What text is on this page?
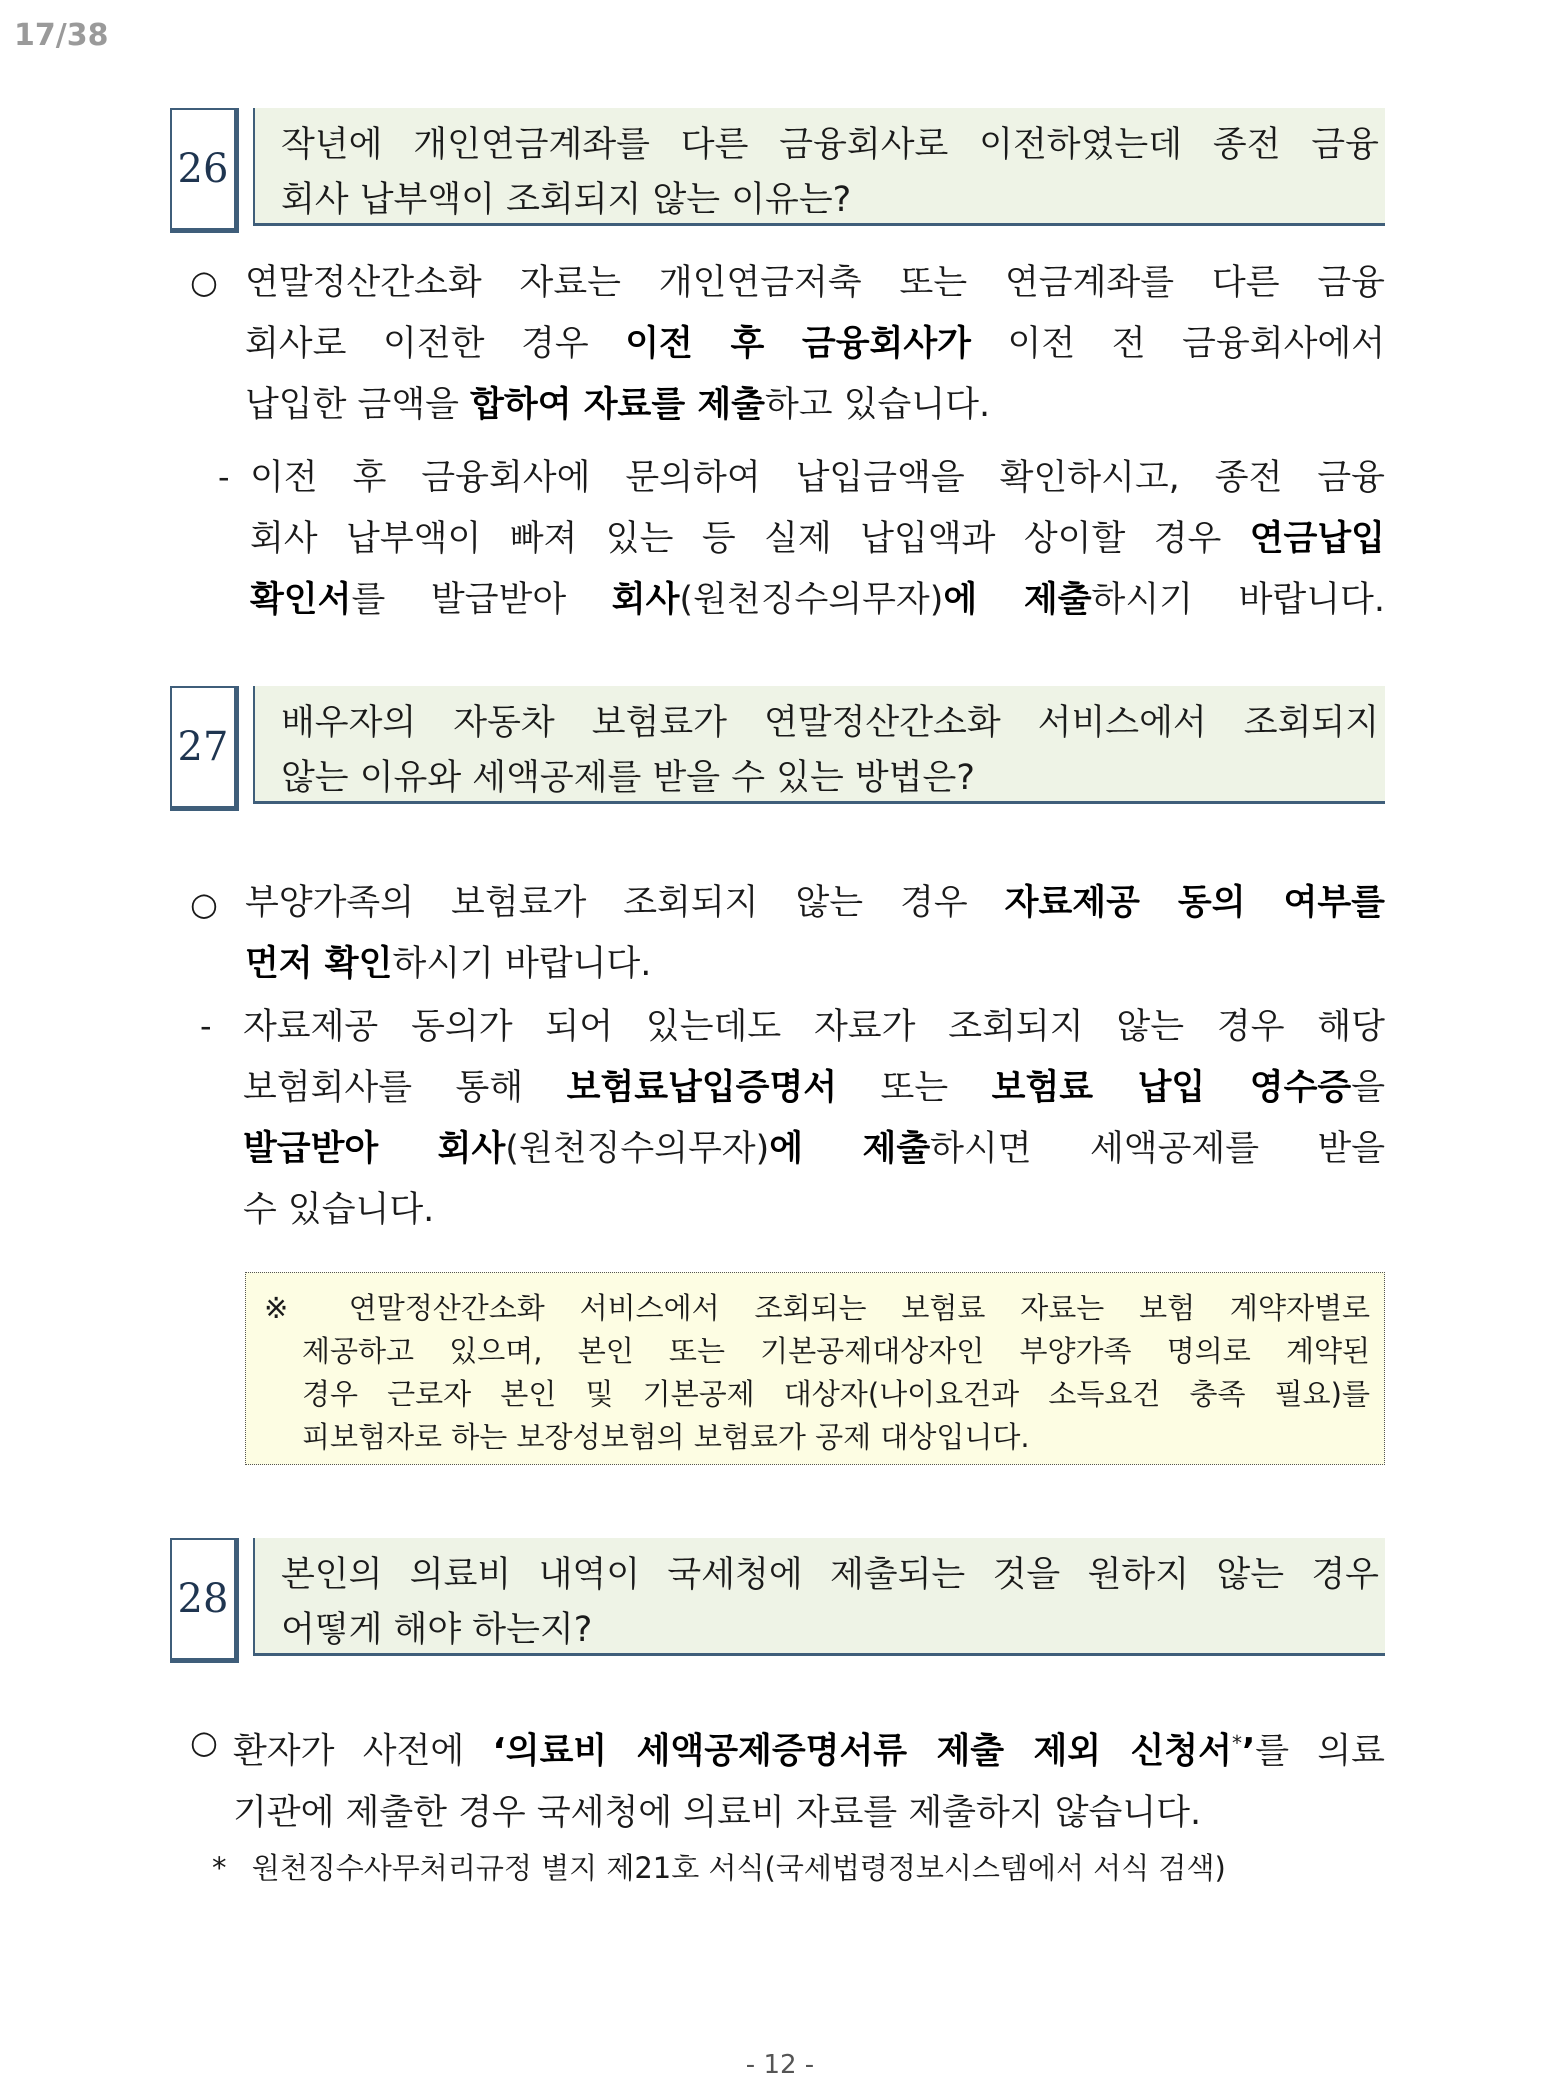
17/38
26
작년에 개인연금계좌를 다른 금융회사로 이전하였는데 종전 금융
회사 납부액이 조회되지 않는 이유는?
○ 연말정산간소화 자료는 개인연금저축 또는 연금계좌를 다른 금융
회사로 이전한 경우 이전 후 금융회사가 이전 전 금융회사에서
납입한 금액을 합하여 자료를 제출하고 있습니다.
- 이전 후 금융회사에 문의하여 납입금액을 확인하시고, 종전 금융
회사 납부액이 빠져 있는 등 실제 납입액과 상이할 경우 연금납입
확인서를 발급받아 회사(원천징수의무자)에 제출하시기 바랍니다.
27
배우자의 자동차 보험료가 연말정산간소화 서비스에서 조회되지
않는 이유와 세액공제를 받을 수 있는 방법은?
○ 부양가족의 보험료가 조회되지 않는 경우 자료제공 동의 여부를
먼저 확인하시기 바랍니다.
- 자료제공 동의가 되어 있는데도 자료가 조회되지 않는 경우 해당
보험회사를 통해 보험료납입증명서 또는 보험료 납입 영수증을
발급받아 회사(원천징수의무자)에 제출하시면 세액공제를 받을
수 있습니다.
※ 연말정산간소화 서비스에서 조회되는 보험료 자료는 보험 계약자별로
제공하고 있으며, 본인 또는 기본공제대상자인 부양가족 명의로 계약된
경우 근로자 본인 및 기본공제 대상자(나이요건과 소득요건 충족 필요)를
피보험자로 하는 보장성보험의 보험료가 공제 대상입니다.
28
본인의 의료비 내역이 국세청에 제출되는 것을 원하지 않는 경우
어떻게 해야 하는지?
○ 환자가 사전에 ‘의료비 세액공제증명서류 제출 제외 신청서*’를 의료
기관에 제출한 경우 국세청에 의료비 자료를 제출하지 않습니다.
* 원천징수사무처리규정 별지 제21호 서식(국세법령정보시스템에서 서식 검색)
- 12 -
